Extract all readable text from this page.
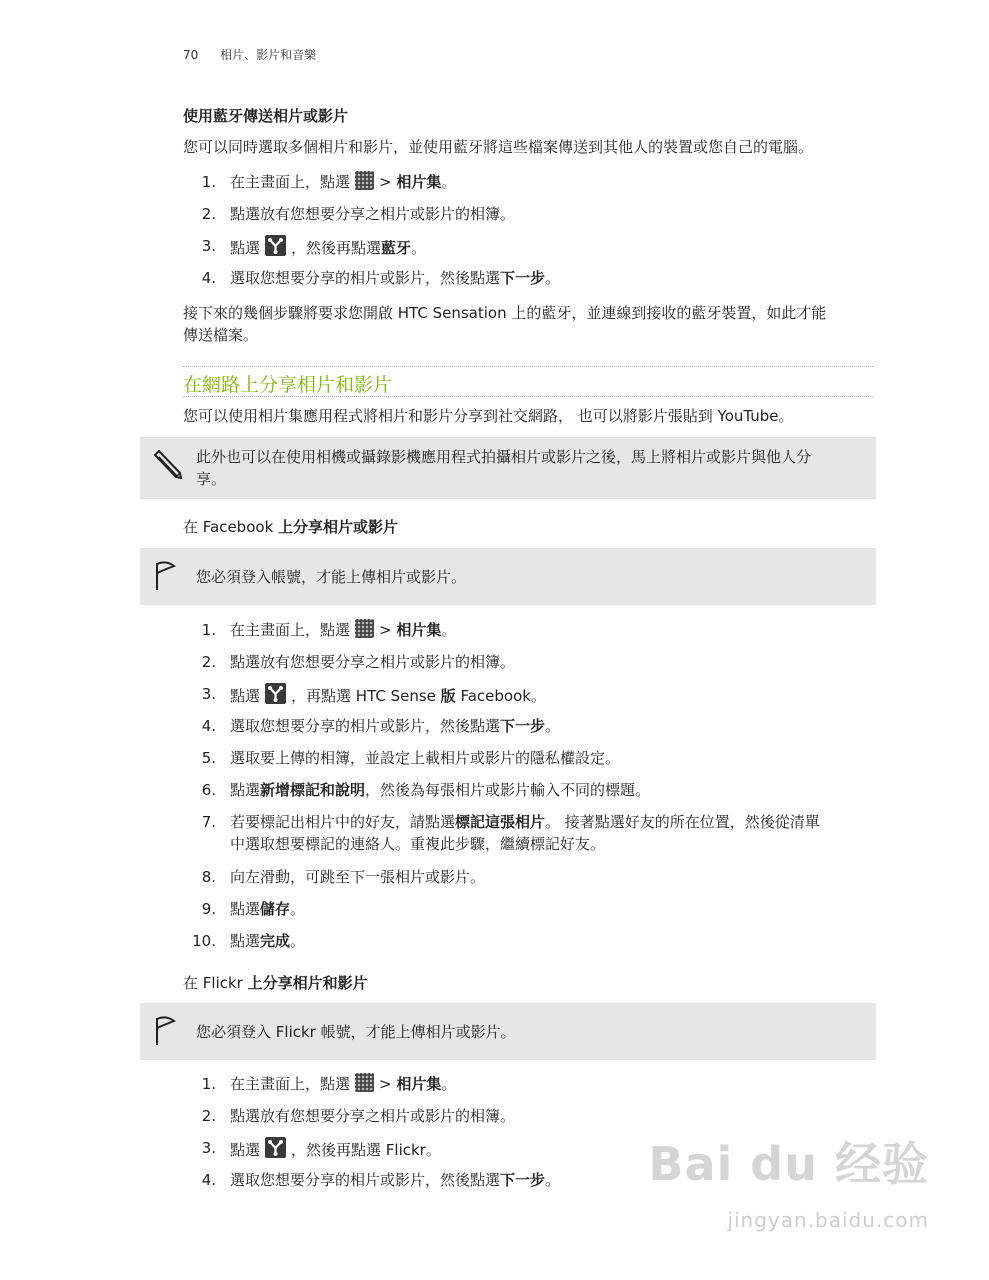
70 相片、影片和音樂
使用藍牙傳送相片或影片
您可以同時選取多個相片和影片，並使用藍牙將這些檔案傳送到其他人的裝置或您自己的電腦。
1. 在主畫面上，點選 > 相片集。
2. 點選放有您想要分享之相片或影片的相簿。
3. 點選 ，然後再點選藍牙。
4. 選取您想要分享的相片或影片，然後點選下一步。
接下來的幾個步驟將要求您開啟 HTC Sensation 上的藍牙，並連線到接收的藍牙裝置，如此才能
傳送檔案。
在網路上分享相片和影片
您可以使用相片集應用程式將相片和影片分享到社交網路， 也可以將影片張貼到 YouTube。
此外也可以在使用相機或攝錄影機應用程式拍攝相片或影片之後，馬上將相片或影片與他人分
享。
在 Facebook 上分享相片或影片
您必須登入帳號，才能上傳相片或影片。
1. 在主畫面上，點選 > 相片集。
2. 點選放有您想要分享之相片或影片的相簿。
3. 點選 ，再點選 HTC Sense 版 Facebook。
4. 選取您想要分享的相片或影片，然後點選下一步。
5. 選取要上傳的相簿，並設定上載相片或影片的隱私權設定。
6. 點選新增標記和說明，然後為每張相片或影片輸入不同的標題。
7. 若要標記出相片中的好友，請點選標記這張相片。 接著點選好友的所在位置，然後從清單
中選取想要標記的連絡人。重複此步驟，繼續標記好友。
8. 向左滑動，可跳至下一張相片或影片。
9. 點選儲存。
10. 點選完成。
在 Flickr 上分享相片和影片
您必須登入 Flickr 帳號，才能上傳相片或影片。
1. 在主畫面上，點選 > 相片集。
2. 點選放有您想要分享之相片或影片的相簿。
3. 點選 ，然後再點選 Flickr。
4. 選取您想要分享的相片或影片，然後點選下一步。	Bai du 经验
jingyan.baidu.com
